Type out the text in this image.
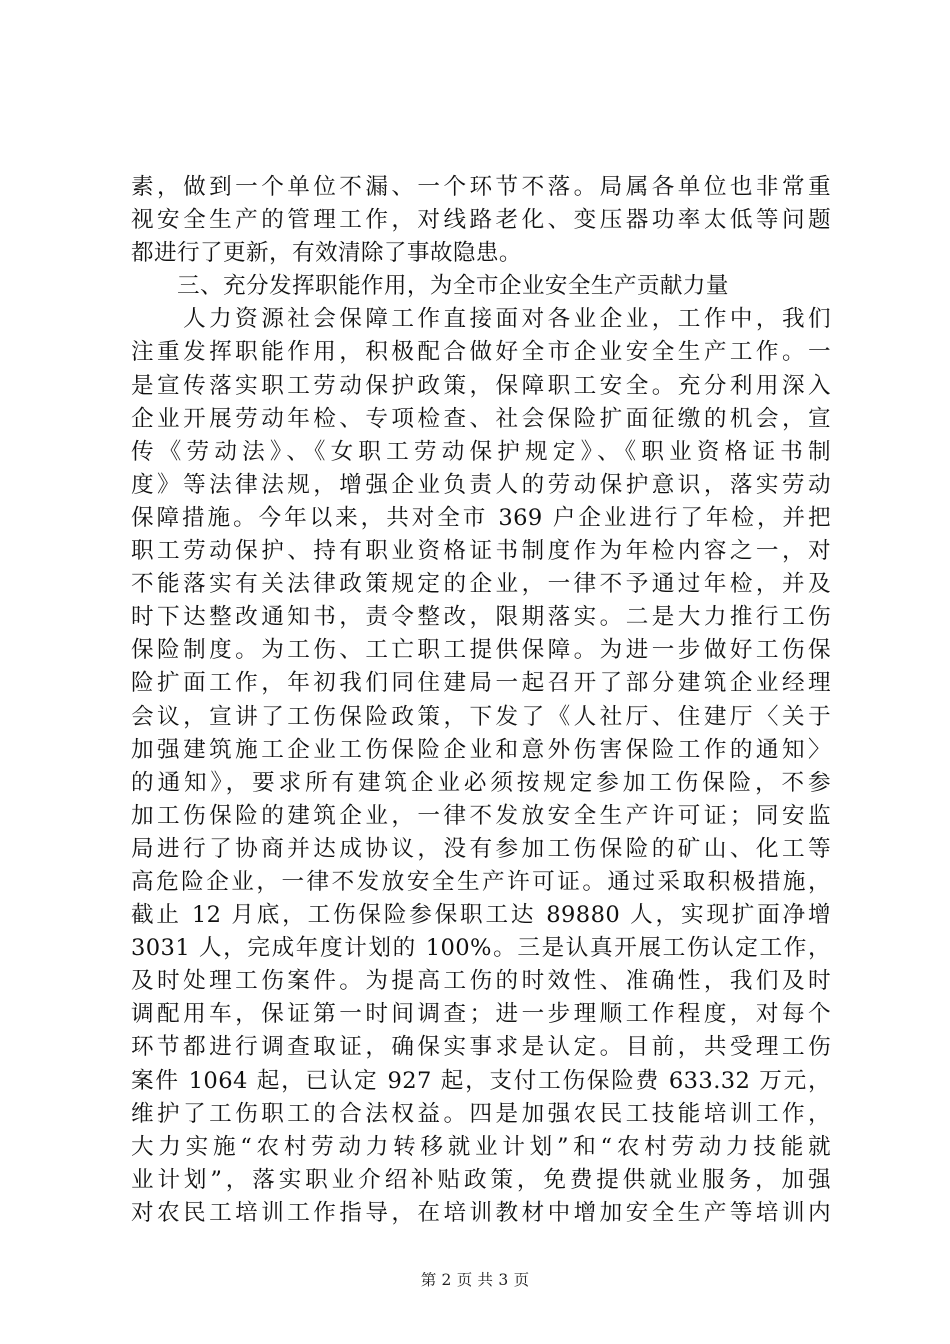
素，做到一个单位不漏、一个环节不落。局属各单位也非常重
视安全生产的管理工作，对线路老化、变压器功率太低等问题
都进行了更新，有效清除了事故隐患。
　　三、充分发挥职能作用，为全市企业安全生产贡献力量
　　人力资源社会保障工作直接面对各业企业，工作中，我们
注重发挥职能作用，积极配合做好全市企业安全生产工作。一
是宣传落实职工劳动保护政策，保障职工安全。充分利用深入
企业开展劳动年检、专项检查、社会保险扩面征缴的机会，宣
传《劳动法》、《女职工劳动保护规定》、《职业资格证书制
度》等法律法规，增强企业负责人的劳动保护意识，落实劳动
保障措施。今年以来，共对全市 369 户企业进行了年检，并把
职工劳动保护、持有职业资格证书制度作为年检内容之一，对
不能落实有关法律政策规定的企业，一律不予通过年检，并及
时下达整改通知书，责令整改，限期落实。二是大力推行工伤
保险制度。为工伤、工亡职工提供保障。为进一步做好工伤保
险扩面工作，年初我们同住建局一起召开了部分建筑企业经理
会议，宣讲了工伤保险政策，下发了《人社厅、住建厅〈关于
加强建筑施工企业工伤保险企业和意外伤害保险工作的通知〉
的通知》，要求所有建筑企业必须按规定参加工伤保险，不参
加工伤保险的建筑企业，一律不发放安全生产许可证；同安监
局进行了协商并达成协议，没有参加工伤保险的矿山、化工等
高危险企业，一律不发放安全生产许可证。通过采取积极措施，
截止 12 月底，工伤保险参保职工达 89880 人，实现扩面净增
3031 人，完成年度计划的 100%。三是认真开展工伤认定工作，
及时处理工伤案件。为提高工伤的时效性、准确性，我们及时
调配用车，保证第一时间调查；进一步理顺工作程度，对每个
环节都进行调查取证，确保实事求是认定。目前，共受理工伤
案件 1064 起，已认定 927 起，支付工伤保险费 633.32 万元，
维护了工伤职工的合法权益。四是加强农民工技能培训工作，
大力实施“农村劳动力转移就业计划”和“农村劳动力技能就
业计划”，落实职业介绍补贴政策，免费提供就业服务，加强
对农民工培训工作指导，在培训教材中增加安全生产等培训内
第 2 页 共 3 页
